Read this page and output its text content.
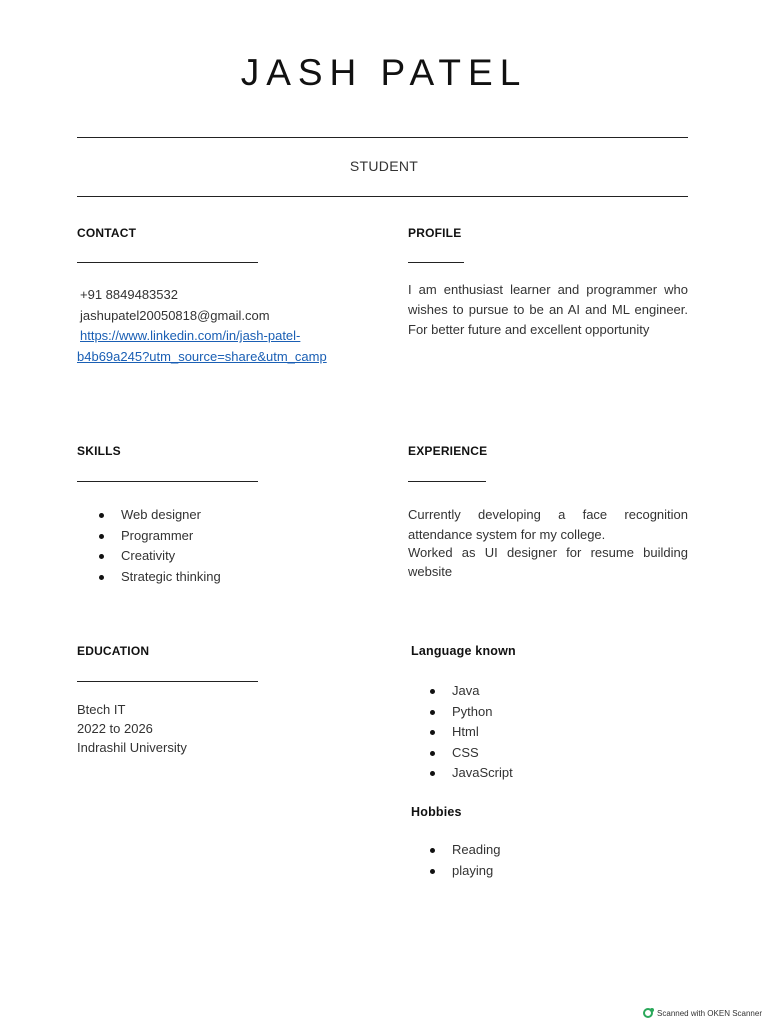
JASH PATEL
STUDENT
CONTACT
+91 8849483532
jashupatel20050818@gmail.com
https://www.linkedin.com/in/jash-patel-
b4b69a245?utm_source=share&utm_camp
PROFILE
I am enthusiast learner and programmer who wishes to pursue to be an AI and ML engineer. For better future and excellent opportunity
SKILLS
Web designer
Programmer
Creativity
Strategic thinking
EXPERIENCE
Currently developing a face recognition attendance system for my college.
Worked as UI designer for resume building website
EDUCATION
Btech IT
2022 to 2026
Indrashil University
Language known
Java
Python
Html
CSS
JavaScript
Hobbies
Reading
playing
Scanned with OKEN Scanner
